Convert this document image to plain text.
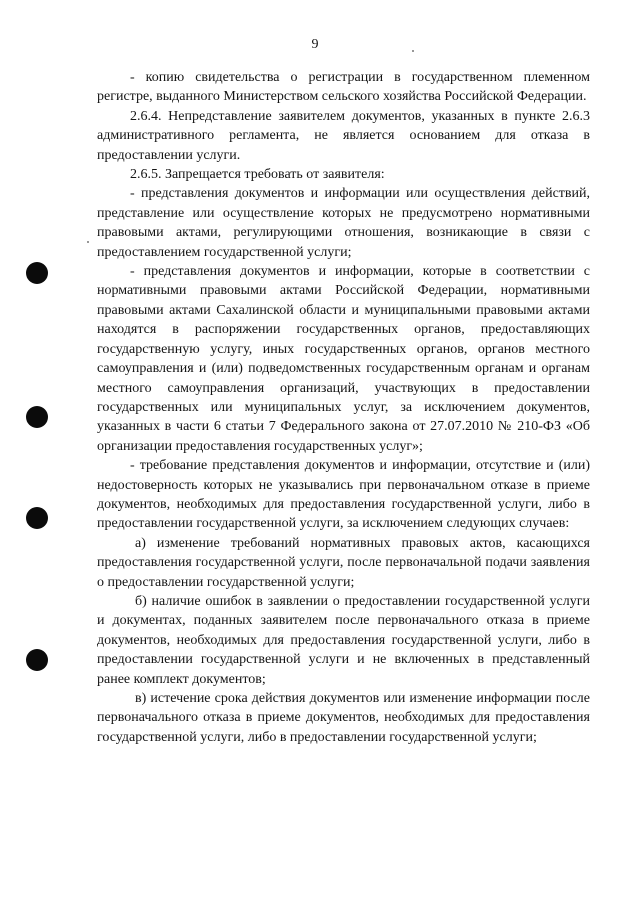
9

- копию свидетельства о регистрации в государственном племенном регистре, выданного Министерством сельского хозяйства Российской Федерации.

2.6.4. Непредставление заявителем документов, указанных в пункте 2.6.3 административного регламента, не является основанием для отказа в предоставлении услуги.

2.6.5. Запрещается требовать от заявителя:

- представления документов и информации или осуществления действий, представление или осуществление которых не предусмотрено нормативными правовыми актами, регулирующими отношения, возникающие в связи с предоставлением государственной услуги;

- представления документов и информации, которые в соответствии с нормативными правовыми актами Российской Федерации, нормативными правовыми актами Сахалинской области и муниципальными правовыми актами находятся в распоряжении государственных органов, предоставляющих государственную услугу, иных государственных органов, органов местного самоуправления и (или) подведомственных государственным органам и органам местного самоуправления организаций, участвующих в предоставлении государственных или муниципальных услуг, за исключением документов, указанных в части 6 статьи 7 Федерального закона от 27.07.2010 № 210-ФЗ «Об организации предоставления государственных услуг»;

- требование представления документов и информации, отсутствие и (или) недостоверность которых не указывались при первоначальном отказе в приеме документов, необходимых для предоставления государственной услуги, либо в предоставлении государственной услуги, за исключением следующих случаев:

а) изменение требований нормативных правовых актов, касающихся предоставления государственной услуги, после первоначальной подачи заявления о предоставлении государственной услуги;

б) наличие ошибок в заявлении о предоставлении государственной услуги и документах, поданных заявителем после первоначального отказа в приеме документов, необходимых для предоставления государственной услуги, либо в предоставлении государственной услуги и не включенных в представленный ранее комплект документов;

в) истечение срока действия документов или изменение информации после первоначального отказа в приеме документов, необходимых для предоставления государственной услуги, либо в предоставлении государственной услуги;
